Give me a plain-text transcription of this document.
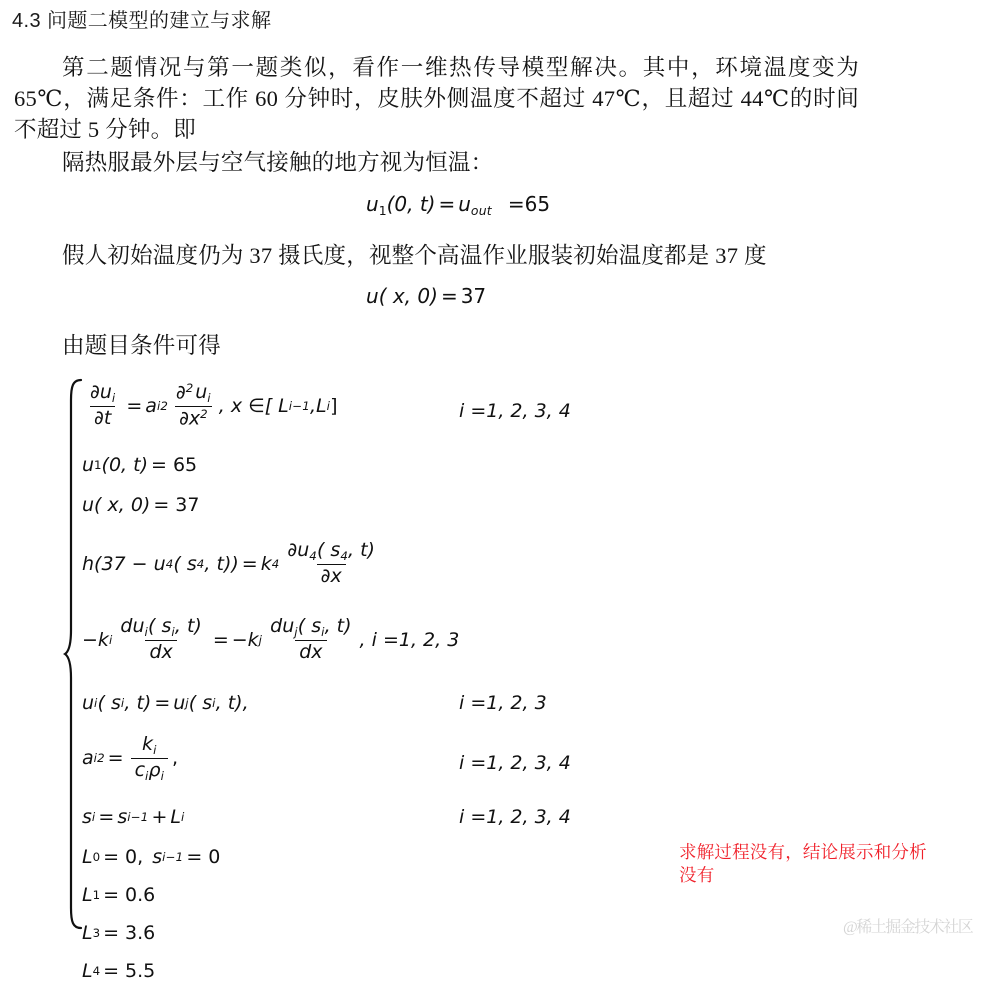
4.3 问题二模型的建立与求解
第二题情况与第一题类似，看作一维热传导模型解决。其中，环境温度变为 65℃，满足条件：工作 60 分钟时，皮肤外侧温度不超过 47℃，且超过 44℃的时间不超过 5 分钟。即
隔热服最外层与空气接触的地方视为恒温：
u1(0, $t) = u_{out} =65$
假人初始温度仍为 37 摄氏度，视整个高温作业服装初始温度都是 37 度
u( x, 0) = 37
由题目条件可得
$\frac{\partial u_i}{\partial t} = a$ i $2 \frac{\partial^2 u_i}{\partial x^2}$ , x ∈[ L i−1 ,L i ]	i =1, 2, 3, 4
u 1 (0, t) = 65
u ( x, 0) = 37
h(37 − u 4 ( s 4 , t)) = k $4 \frac{\partial u_4( s_4, t)}{\partial x}$
−k i $\frac{du_i( s_i, t)}{dx} = -k$ j $\frac{du_j( s_i, t)}{dx}$ , i =1, 2, 3
u i ( s i , t) = u j ( s i , t),	i =1, 2, 3
a i $2 = \frac{k_i}{c_i\rho_i}$ ,	i =1, 2, 3, 4
s i = s i−1 + L i	i =1, 2, 3, 4
L 0 = 0, s i−1 = 0
L 1 = 0.6
L 3 = 3.6
L 4 = 5.5
求解过程没有，结论展示和分析没有
@稀土掘金技术社区
